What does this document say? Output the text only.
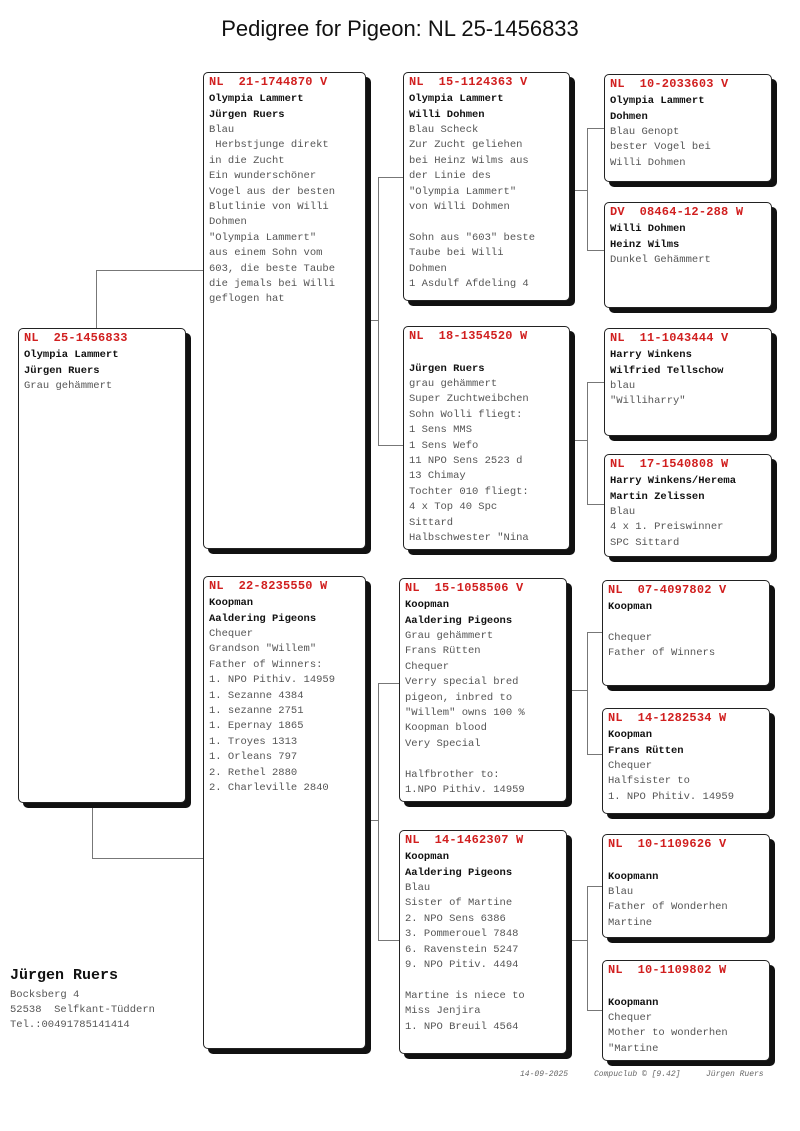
Pedigree for Pigeon: NL 25-1456833
NL  25-1456833
Olympia Lammert
Jürgen Ruers
Grau gehämmert
NL  21-1744870 V
Olympia Lammert
Jürgen Ruers
Blau
Herbstjunge direkt
in die Zucht
Ein wunderschöner
Vogel aus der besten
Blutlinie von Willi
Dohmen
"Olympia Lammert"
aus einem Sohn vom
603, die beste Taube
die jemals bei Willi
geflogen hat
NL  22-8235550 W
Koopman
Aaldering Pigeons
Chequer
Grandson "Willem"
Father of Winners:
1. NPO Pithiv. 14959
1. Sezanne 4384
1. sezanne 2751
1. Epernay 1865
1. Troyes 1313
1. Orleans 797
2. Rethel 2880
2. Charleville 2840
NL  15-1124363 V
Olympia Lammert
Willi Dohmen
Blau Scheck
Zur Zucht geliehen
bei Heinz Wilms aus
der Linie des
"Olympia Lammert"
von Willi Dohmen

Sohn aus "603" beste
Taube bei Willi
Dohmen
1 Asdulf Afdeling 4
NL  18-1354520 W

Jürgen Ruers
grau gehämmert
Super Zuchtweibchen
Sohn Wolli fliegt:
1 Sens MMS
1 Sens Wefo
11 NPO Sens 2523 d
13 Chimay
Tochter 010 fliegt:
4 x Top 40 Spc
Sittard
Halbschwester "Nina
NL  15-1058506 V
Koopman
Aaldering Pigeons
Grau gehämmert
Frans Rütten
Chequer
Verry special bred
pigeon, inbred to
"Willem" owns 100 %
Koopman blood
Very Special

Halfbrother to:
1.NPO Pithiv. 14959
NL  14-1462307 W
Koopman
Aaldering Pigeons
Blau
Sister of Martine
2. NPO Sens 6386
3. Pommerouel 7848
6. Ravenstein 5247
9. NPO Pitiv. 4494

Martine is niece to
Miss Jenjira
1. NPO Breuil 4564
NL  10-2033603 V
Olympia Lammert
Dohmen
Blau Genopt
bester Vogel bei
Willi Dohmen
DV  08464-12-288 W
Willi Dohmen
Heinz Wilms
Dunkel Gehämmert
NL  11-1043444 V
Harry Winkens
Wilfried Tellschow
blau
"Williharry"
NL  17-1540808 W
Harry Winkens/Herema
Martin Zelissen
Blau
4 x 1. Preiswinner
SPC Sittard
NL  07-4097802 V
Koopman

Chequer
Father of Winners
NL  14-1282534 W
Koopman
Frans Rütten
Chequer
Halfsister to
1. NPO Phitiv. 14959
NL  10-1109626 V

Koopmann
Blau
Father of Wonderhen
Martine
NL  10-1109802 W

Koopmann
Chequer
Mother to wonderhen
"Martine
Jürgen Ruers
Bocksberg 4
52538  Selfkant-Tüddern
Tel.:00491785141414
14-09-2025	Compuclub © [9.42]	Jürgen Ruers
